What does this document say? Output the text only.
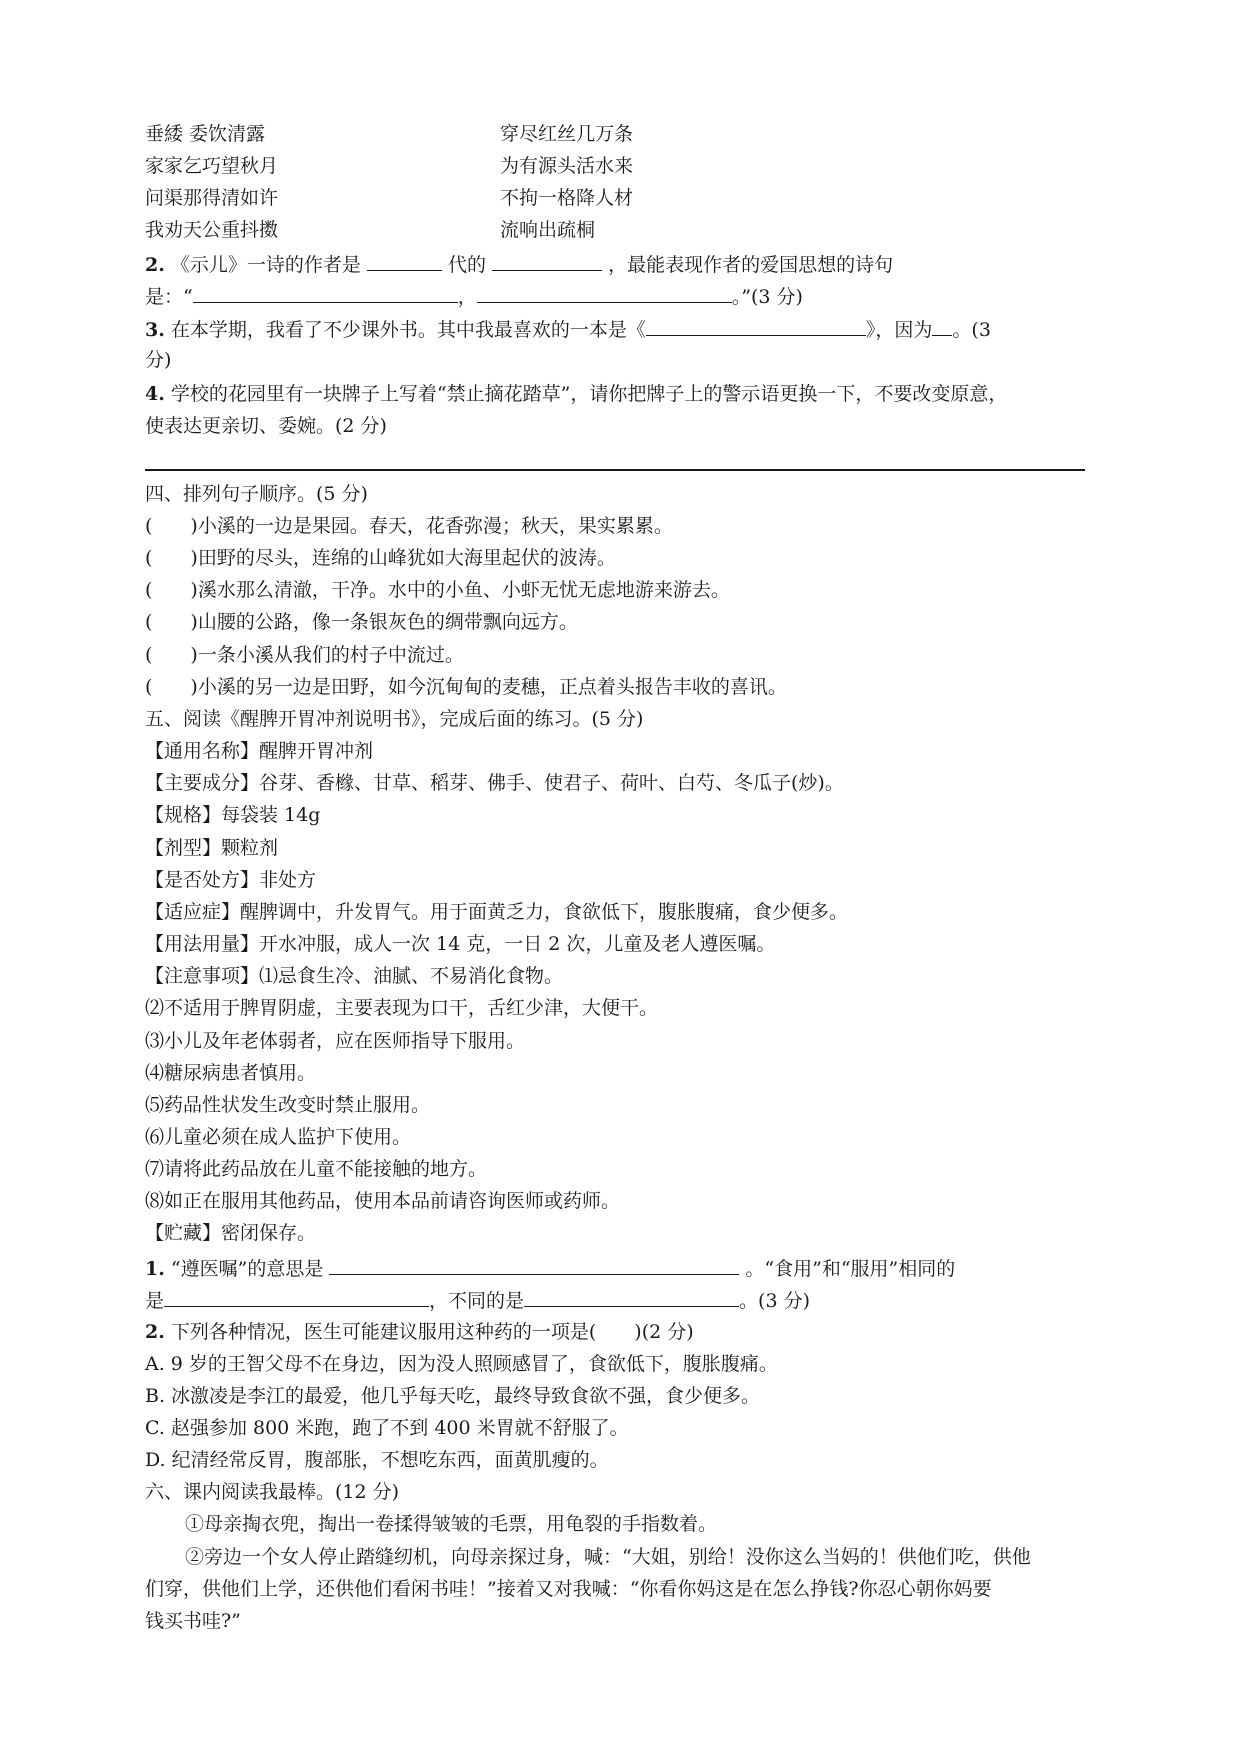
垂緌 委饮清露	穿尽红丝几万条
家家乞巧望秋月	为有源头活水来
问渠那得清如许	不拘一格降人材
我劝天公重抖擞	流响出疏桐
2. 《示儿》一诗的作者是	代的	，最能表现作者的爱国思想的诗句
是：“	，	。”(3 分)
3. 在本学期，我看了不少课外书。其中我最喜欢的一本是《	》，因为 。(3
分)
4. 学校的花园里有一块牌子上写着“禁止摘花踏草”，请你把牌子上的警示语更换一下，不要改变原意，
使表达更亲切、委婉。(2 分)
四、排列句子顺序。(5 分)
(　　)小溪的一边是果园。春天，花香弥漫；秋天，果实累累。
(　　)田野的尽头，连绵的山峰犹如大海里起伏的波涛。
(　　)溪水那么清澈，干净。水中的小鱼、小虾无忧无虑地游来游去。
(　　)山腰的公路，像一条银灰色的绸带飘向远方。
(　　)一条小溪从我们的村子中流过。
(　　)小溪的另一边是田野，如今沉甸甸的麦穗，正点着头报告丰收的喜讯。
五、阅读《醒脾开胃冲剂说明书》，完成后面的练习。(5 分)
【通用名称】醒脾开胃冲剂
【主要成分】谷芽、香橼、甘草、稻芽、佛手、使君子、荷叶、白芍、冬瓜子(炒)。
【规格】每袋装 14g
【剂型】颗粒剂
【是否处方】非处方
【适应症】醒脾调中，升发胃气。用于面黄乏力，食欲低下，腹胀腹痛，食少便多。
【用法用量】开水冲服，成人一次 14 克，一日 2 次，儿童及老人遵医嘱。
【注意事项】⑴忌食生冷、油腻、不易消化食物。
⑵不适用于脾胃阴虚，主要表现为口干，舌红少津，大便干。
⑶小儿及年老体弱者，应在医师指导下服用。
⑷糖尿病患者慎用。
⑸药品性状发生改变时禁止服用。
⑹儿童必须在成人监护下使用。
⑺请将此药品放在儿童不能接触的地方。
⑻如正在服用其他药品，使用本品前请咨询医师或药师。
【贮藏】密闭保存。
1. “遵医嘱”的意思是	。“食用”和“服用”相同的
是	，不同的是	。(3 分)
2. 下列各种情况，医生可能建议服用这种药的一项是(　　)(2 分)
A. 9 岁的王智父母不在身边，因为没人照顾感冒了，食欲低下，腹胀腹痛。
B. 冰激凌是李江的最爱，他几乎每天吃，最终导致食欲不强，食少便多。
C. 赵强参加 800 米跑，跑了不到 400 米胃就不舒服了。
D. 纪清经常反胃，腹部胀，不想吃东西，面黄肌瘦的。
六、课内阅读我最棒。(12 分)
①母亲掏衣兜，掏出一卷揉得皱皱的毛票，用龟裂的手指数着。
②旁边一个女人停止踏缝纫机，向母亲探过身，喊：“大姐，别给！没你这么当妈的！供他们吃，供他
们穿，供他们上学，还供他们看闲书哇！”接着又对我喊：“你看你妈这是在怎么挣钱?你忍心朝你妈要
钱买书哇?”
